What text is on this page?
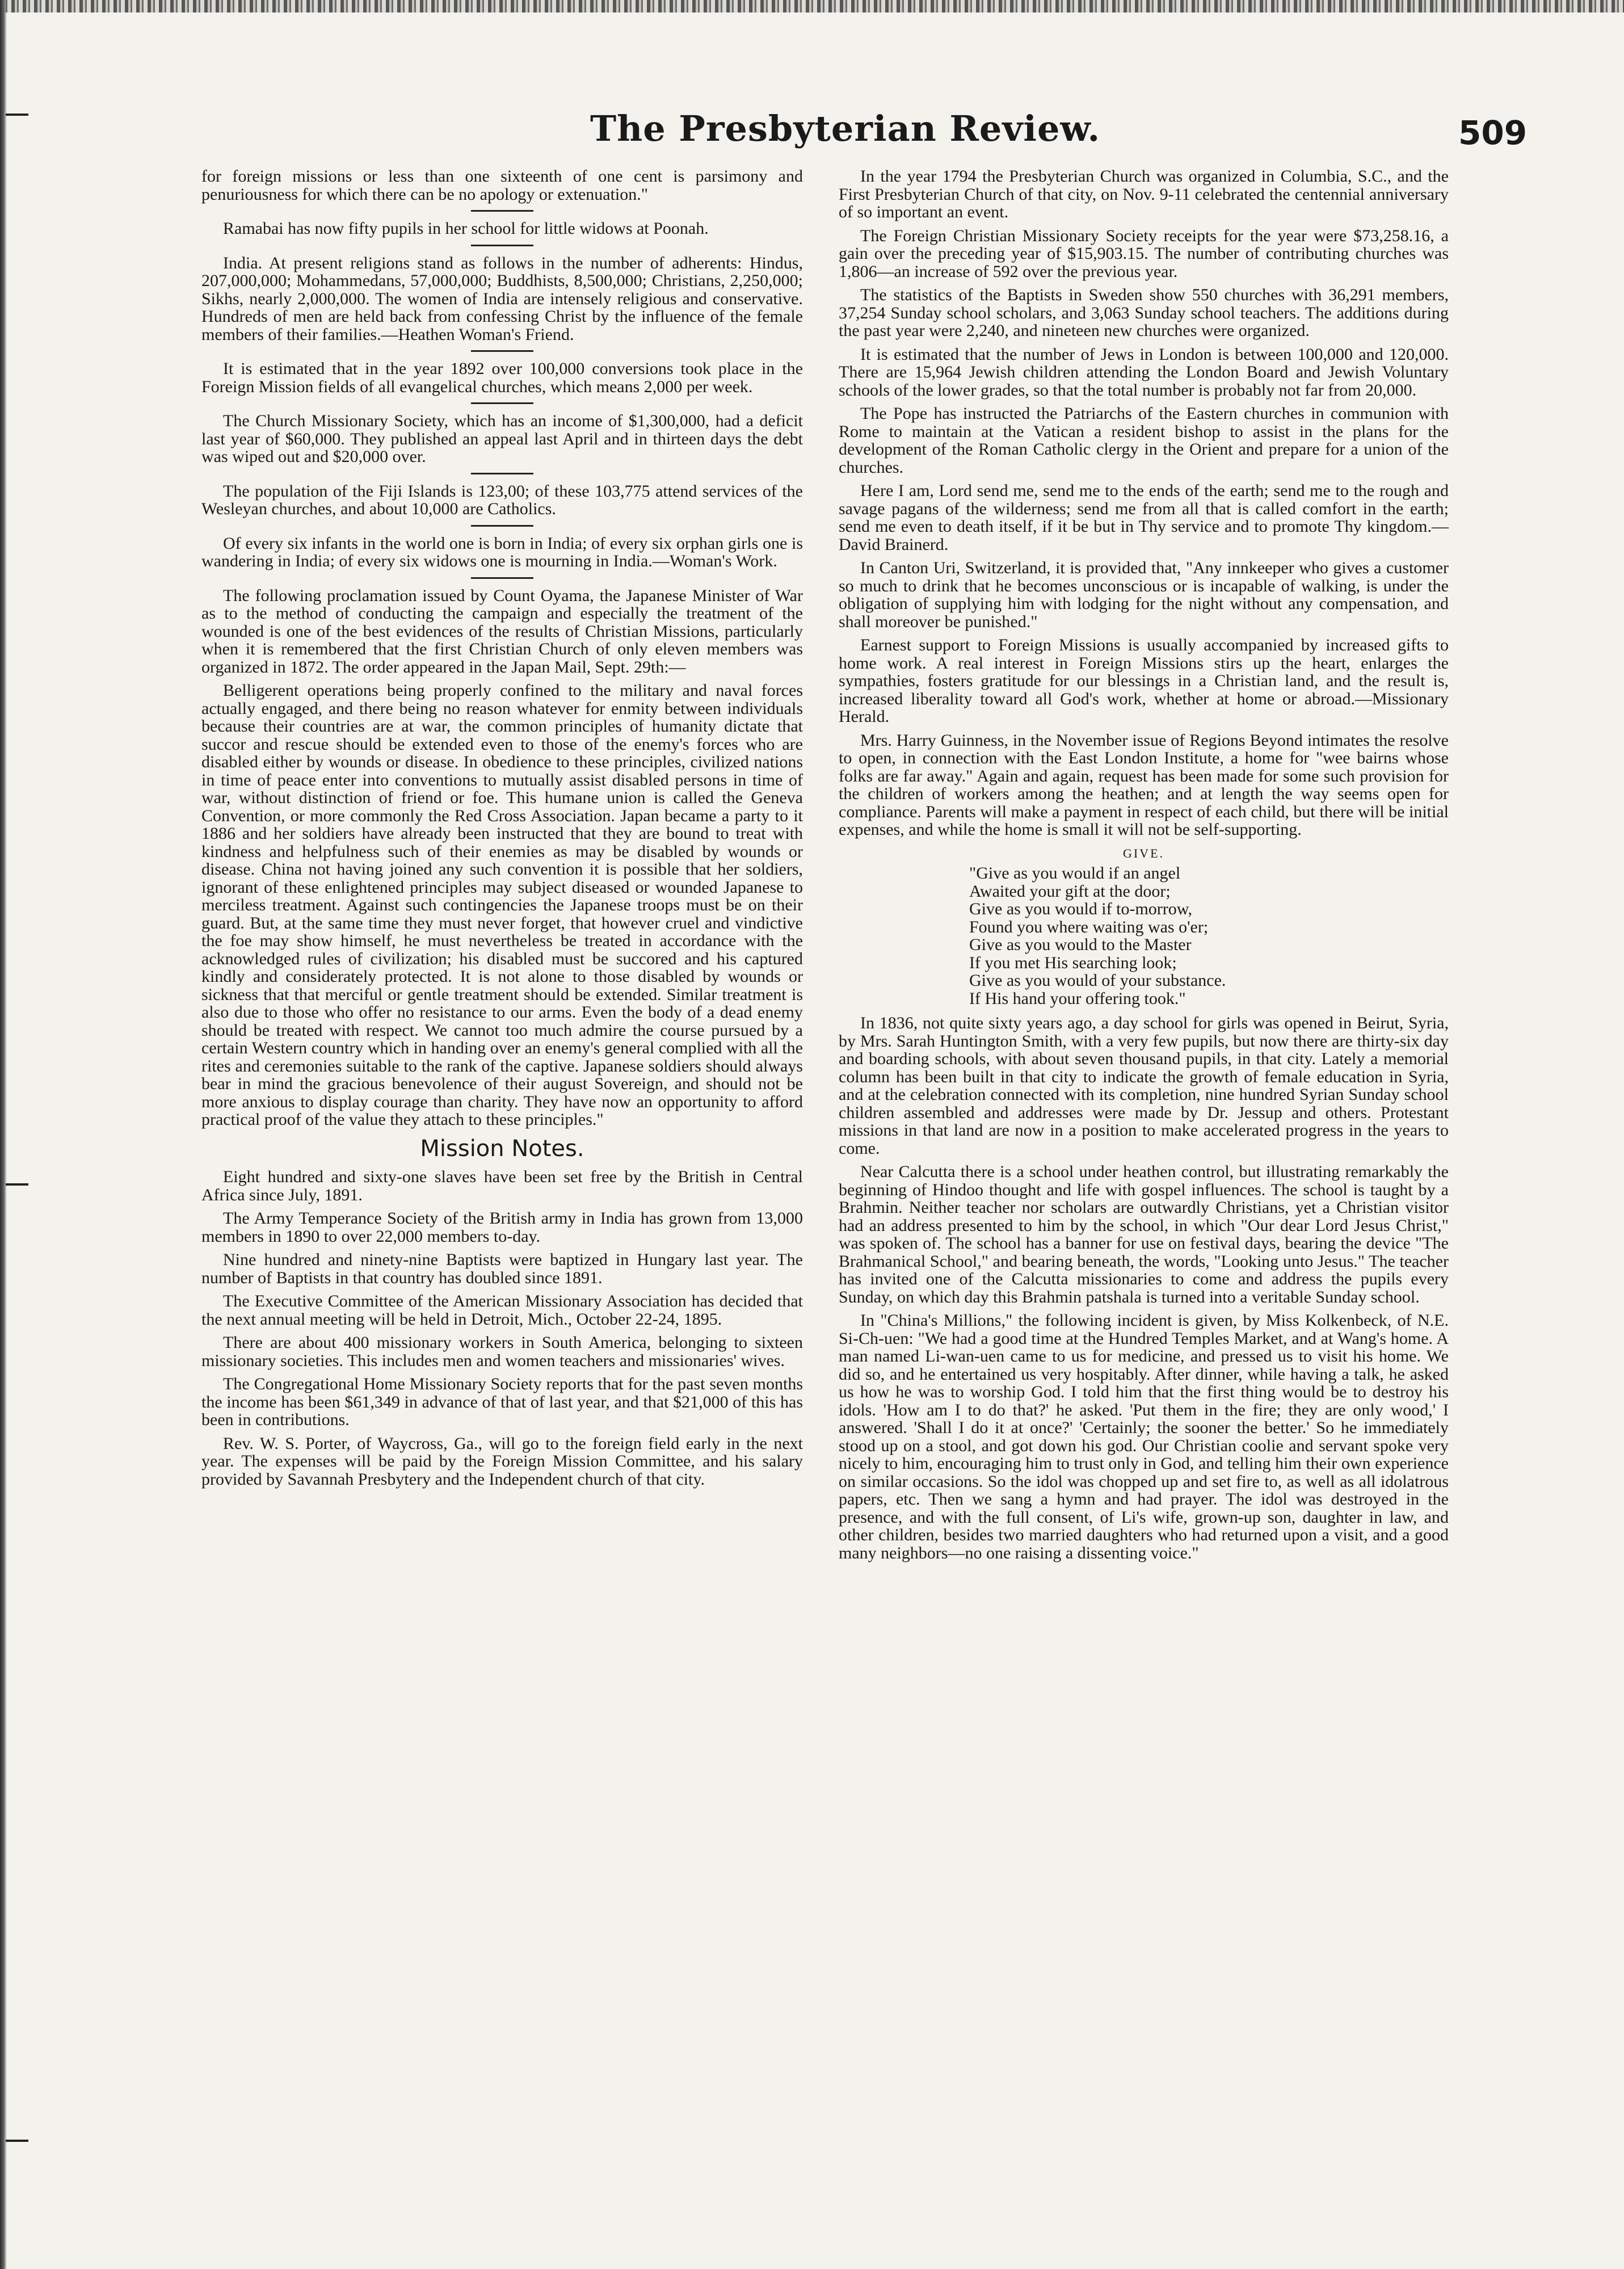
The Presbyterian Review.	509

for foreign missions or less than one sixteenth of one cent is parsimony and penuriousness for which there can be no apology or extenuation."

Ramabai has now fifty pupils in her school for little widows at Poonah.

India. At present religions stand as follows in the number of adherents: Hindus, 207,000,000; Mohammedans, 57,000,000; Buddhists, 8,500,000; Christians, 2,250,000; Sikhs, nearly 2,000,000. The women of India are intensely religious and conservative. Hundreds of men are held back from confessing Christ by the influence of the female members of their families.—Heathen Woman's Friend.

It is estimated that in the year 1892 over 100,000 conversions took place in the Foreign Mission fields of all evangelical churches, which means 2,000 per week.

The Church Missionary Society, which has an income of $1,300,000, had a deficit last year of $60,000. They published an appeal last April and in thirteen days the debt was wiped out and $20,000 over.

The population of the Fiji Islands is 123,00; of these 103,775 attend services of the Wesleyan churches, and about 10,000 are Catholics.

Of every six infants in the world one is born in India; of every six orphan girls one is wandering in India; of every six widows one is mourning in India.—Woman's Work.

The following proclamation issued by Count Oyama, the Japanese Minister of War as to the method of conducting the campaign and especially the treatment of the wounded is one of the best evidences of the results of Christian Missions, particularly when it is remembered that the first Christian Church of only eleven members was organized in 1872. The order appeared in the Japan Mail, Sept. 29th:—

Belligerent operations being properly confined to the military and naval forces actually engaged, and there being no reason whatever for enmity between individuals because their countries are at war, the common principles of humanity dictate that succor and rescue should be extended even to those of the enemy's forces who are disabled either by wounds or disease. In obedience to these principles, civilized nations in time of peace enter into conventions to mutually assist disabled persons in time of war, without distinction of friend or foe. This humane union is called the Geneva Convention, or more commonly the Red Cross Association. Japan became a party to it 1886 and her soldiers have already been instructed that they are bound to treat with kindness and helpfulness such of their enemies as may be disabled by wounds or disease. China not having joined any such convention it is possible that her soldiers, ignorant of these enlightened principles may subject diseased or wounded Japanese to merciless treatment. Against such contingencies the Japanese troops must be on their guard. But, at the same time they must never forget, that however cruel and vindictive the foe may show himself, he must nevertheless be treated in accordance with the acknowledged rules of civilization; his disabled must be succored and his captured kindly and considerately protected. It is not alone to those disabled by wounds or sickness that that merciful or gentle treatment should be extended. Similar treatment is also due to those who offer no resistance to our arms. Even the body of a dead enemy should be treated with respect. We cannot too much admire the course pursued by a certain Western country which in handing over an enemy's general complied with all the rites and ceremonies suitable to the rank of the captive. Japanese soldiers should always bear in mind the gracious benevolence of their august Sovereign, and should not be more anxious to display courage than charity. They have now an opportunity to afford practical proof of the value they attach to these principles."

Mission Notes.

Eight hundred and sixty-one slaves have been set free by the British in Central Africa since July, 1891.

The Army Temperance Society of the British army in India has grown from 13,000 members in 1890 to over 22,000 members to-day.

Nine hundred and ninety-nine Baptists were baptized in Hungary last year. The number of Baptists in that country has doubled since 1891.

The Executive Committee of the American Missionary Association has decided that the next annual meeting will be held in Detroit, Mich., October 22-24, 1895.

There are about 400 missionary workers in South America, belonging to sixteen missionary societies. This includes men and women teachers and missionaries' wives.

The Congregational Home Missionary Society reports that for the past seven months the income has been $61,349 in advance of that of last year, and that $21,000 of this has been in contributions.

Rev. W. S. Porter, of Waycross, Ga., will go to the foreign field early in the next year. The expenses will be paid by the Foreign Mission Committee, and his salary provided by Savannah Presbytery and the Independent church of that city.

In the year 1794 the Presbyterian Church was organized in Columbia, S.C., and the First Presbyterian Church of that city, on Nov. 9-11 celebrated the centennial anniversary of so important an event.

The Foreign Christian Missionary Society receipts for the year were $73,258.16, a gain over the preceding year of $15,903.15. The number of contributing churches was 1,806—an increase of 592 over the previous year.

The statistics of the Baptists in Sweden show 550 churches with 36,291 members, 37,254 Sunday school scholars, and 3,063 Sunday school teachers. The additions during the past year were 2,240, and nineteen new churches were organized.

It is estimated that the number of Jews in London is between 100,000 and 120,000. There are 15,964 Jewish children attending the London Board and Jewish Voluntary schools of the lower grades, so that the total number is probably not far from 20,000.

The Pope has instructed the Patriarchs of the Eastern churches in communion with Rome to maintain at the Vatican a resident bishop to assist in the plans for the development of the Roman Catholic clergy in the Orient and prepare for a union of the churches.

Here I am, Lord send me, send me to the ends of the earth; send me to the rough and savage pagans of the wilderness; send me from all that is called comfort in the earth; send me even to death itself, if it be but in Thy service and to promote Thy kingdom.—David Brainerd.

In Canton Uri, Switzerland, it is provided that, "Any innkeeper who gives a customer so much to drink that he becomes unconscious or is incapable of walking, is under the obligation of supplying him with lodging for the night without any compensation, and shall moreover be punished."

Earnest support to Foreign Missions is usually accompanied by increased gifts to home work. A real interest in Foreign Missions stirs up the heart, enlarges the sympathies, fosters gratitude for our blessings in a Christian land, and the result is, increased liberality toward all God's work, whether at home or abroad.—Missionary Herald.

Mrs. Harry Guinness, in the November issue of Regions Beyond intimates the resolve to open, in connection with the East London Institute, a home for "wee bairns whose folks are far away." Again and again, request has been made for some such provision for the children of workers among the heathen; and at length the way seems open for compliance. Parents will make a payment in respect of each child, but there will be initial expenses, and while the home is small it will not be self-supporting.

GIVE.
"Give as you would if an angel
Awaited your gift at the door;
Give as you would if to-morrow,
Found you where waiting was o'er;
Give as you would to the Master
If you met His searching look;
Give as you would of your substance.
If His hand your offering took."

In 1836, not quite sixty years ago, a day school for girls was opened in Beirut, Syria, by Mrs. Sarah Huntington Smith, with a very few pupils, but now there are thirty-six day and boarding schools, with about seven thousand pupils, in that city. Lately a memorial column has been built in that city to indicate the growth of female education in Syria, and at the celebration connected with its completion, nine hundred Syrian Sunday school children assembled and addresses were made by Dr. Jessup and others. Protestant missions in that land are now in a position to make accelerated progress in the years to come.

Near Calcutta there is a school under heathen control, but illustrating remarkably the beginning of Hindoo thought and life with gospel influences. The school is taught by a Brahmin. Neither teacher nor scholars are outwardly Christians, yet a Christian visitor had an address presented to him by the school, in which "Our dear Lord Jesus Christ," was spoken of. The school has a banner for use on festival days, bearing the device "The Brahmanical School," and bearing beneath, the words, "Looking unto Jesus." The teacher has invited one of the Calcutta missionaries to come and address the pupils every Sunday, on which day this Brahmin patshala is turned into a veritable Sunday school.

In "China's Millions," the following incident is given, by Miss Kolkenbeck, of N.E. Si-Ch-uen: "We had a good time at the Hundred Temples Market, and at Wang's home. A man named Li-wan-uen came to us for medicine, and pressed us to visit his home. We did so, and he entertained us very hospitably. After dinner, while having a talk, he asked us how he was to worship God. I told him that the first thing would be to destroy his idols. 'How am I to do that?' he asked. 'Put them in the fire; they are only wood,' I answered. 'Shall I do it at once?' 'Certainly; the sooner the better.' So he immediately stood up on a stool, and got down his god. Our Christian coolie and servant spoke very nicely to him, encouraging him to trust only in God, and telling him their own experience on similar occasions. So the idol was chopped up and set fire to, as well as all idolatrous papers, etc. Then we sang a hymn and had prayer. The idol was destroyed in the presence, and with the full consent, of Li's wife, grown-up son, daughter in law, and other children, besides two married daughters who had returned upon a visit, and a good many neighbors—no one raising a dissenting voice."
